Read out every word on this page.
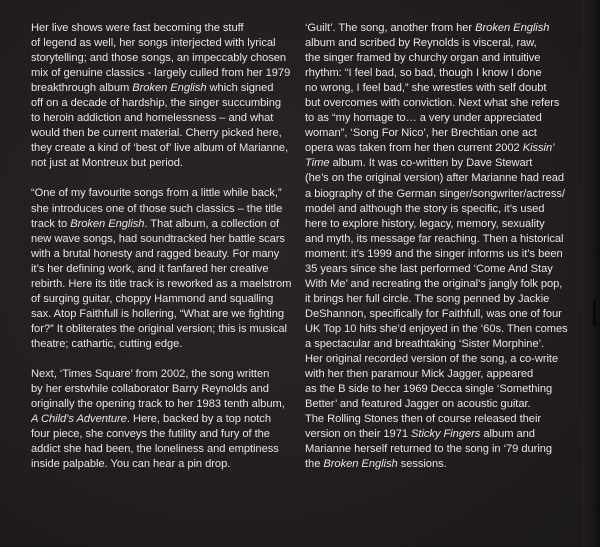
Her live shows were fast becoming the stuff
of legend as well, her songs interjected with lyrical
storytelling; and those songs, an impeccably chosen
mix of genuine classics - largely culled from her 1979
breakthrough album Broken English which signed
off on a decade of hardship, the singer succumbing
to heroin addiction and homelessness – and what
would then be current material. Cherry picked here,
they create a kind of ‘best of’ live album of Marianne,
not just at Montreux but period.

“One of my favourite songs from a little while back,”
she introduces one of those such classics – the title
track to Broken English. That album, a collection of
new wave songs, had soundtracked her battle scars
with a brutal honesty and ragged beauty. For many
it’s her defining work, and it fanfared her creative
rebirth. Here its title track is reworked as a maelstrom
of surging guitar, choppy Hammond and squalling
sax. Atop Faithfull is hollering, “What are we fighting
for?” It obliterates the original version; this is musical
theatre; cathartic, cutting edge.

Next, ‘Times Square’ from 2002, the song written
by her erstwhile collaborator Barry Reynolds and
originally the opening track to her 1983 tenth album,
A Child’s Adventure. Here, backed by a top notch
four piece, she conveys the futility and fury of the
addict she had been, the loneliness and emptiness
inside palpable. You can hear a pin drop.

‘Guilt’. The song, another from her Broken English
album and scribed by Reynolds is visceral, raw,
the singer framed by churchy organ and intuitive
rhythm: “I feel bad, so bad, though I know I done
no wrong, I feel bad,” she wrestles with self doubt
but overcomes with conviction. Next what she refers
to as “my homage to… a very under appreciated
woman”, ‘Song For Nico’, her Brechtian one act
opera was taken from her then current 2002 Kissin’
Time album. It was co-written by Dave Stewart
(he’s on the original version) after Marianne had read
a biography of the German singer/songwriter/actress/
model and although the story is specific, it’s used
here to explore history, legacy, memory, sexuality
and myth, its message far reaching. Then a historical
moment: it’s 1999 and the singer informs us it’s been
35 years since she last performed ‘Come And Stay
With Me’ and recreating the original’s jangly folk pop,
it brings her full circle. The song penned by Jackie
DeShannon, specifically for Faithfull, was one of four
UK Top 10 hits she’d enjoyed in the ‘60s. Then comes
a spectacular and breathtaking ‘Sister Morphine’.
Her original recorded version of the song, a co-write
with her then paramour Mick Jagger, appeared
as the B side to her 1969 Decca single ‘Something
Better’ and featured Jagger on acoustic guitar.
The Rolling Stones then of course released their
version on their 1971 Sticky Fingers album and
Marianne herself returned to the song in ‘79 during
the Broken English sessions.
